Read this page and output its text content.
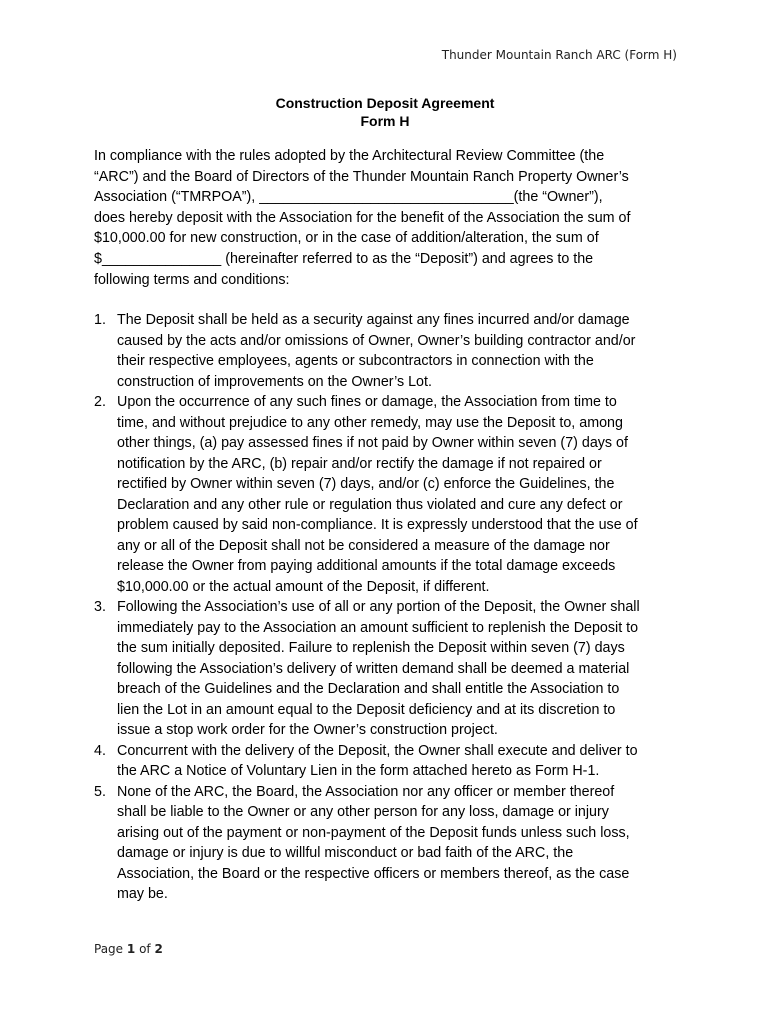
Thunder Mountain Ranch ARC (Form H)
Construction Deposit Agreement
Form H

In compliance with the rules adopted by the Architectural Review Committee (the
“ARC”) and the Board of Directors of the Thunder Mountain Ranch Property Owner’s
Association (“TMRPOA”), ________________________________(the “Owner”),
does hereby deposit with the Association for the benefit of the Association the sum of
$10,000.00 for new construction, or in the case of addition/alteration, the sum of
$_______________ (hereinafter referred to as the “Deposit”) and agrees to the
following terms and conditions:

1. The Deposit shall be held as a security against any fines incurred and/or damage
caused by the acts and/or omissions of Owner, Owner’s building contractor and/or
their respective employees, agents or subcontractors in connection with the
construction of improvements on the Owner’s Lot.
2. Upon the occurrence of any such fines or damage, the Association from time to
time, and without prejudice to any other remedy, may use the Deposit to, among
other things, (a) pay assessed fines if not paid by Owner within seven (7) days of
notification by the ARC, (b) repair and/or rectify the damage if not repaired or
rectified by Owner within seven (7) days, and/or (c) enforce the Guidelines, the
Declaration and any other rule or regulation thus violated and cure any defect or
problem caused by said non-compliance. It is expressly understood that the use of
any or all of the Deposit shall not be considered a measure of the damage nor
release the Owner from paying additional amounts if the total damage exceeds
$10,000.00 or the actual amount of the Deposit, if different.
3. Following the Association’s use of all or any portion of the Deposit, the Owner shall
immediately pay to the Association an amount sufficient to replenish the Deposit to
the sum initially deposited. Failure to replenish the Deposit within seven (7) days
following the Association’s delivery of written demand shall be deemed a material
breach of the Guidelines and the Declaration and shall entitle the Association to
lien the Lot in an amount equal to the Deposit deficiency and at its discretion to
issue a stop work order for the Owner’s construction project.
4. Concurrent with the delivery of the Deposit, the Owner shall execute and deliver to
the ARC a Notice of Voluntary Lien in the form attached hereto as Form H-1.
5. None of the ARC, the Board, the Association nor any officer or member thereof
shall be liable to the Owner or any other person for any loss, damage or injury
arising out of the payment or non-payment of the Deposit funds unless such loss,
damage or injury is due to willful misconduct or bad faith of the ARC, the
Association, the Board or the respective officers or members thereof, as the case
may be.
Page 1 of 2
